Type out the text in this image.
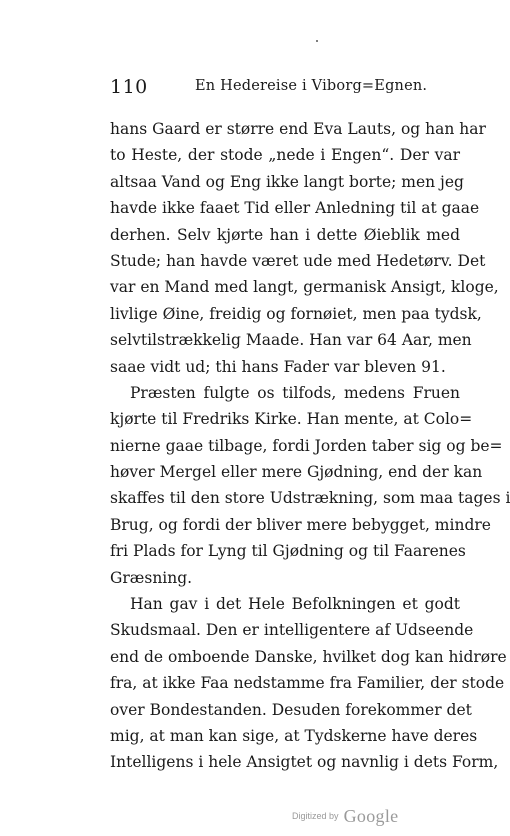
110	En Hedereise i Viborg=Egnen.
hans Gaard er større end Eva Lauts, og han har
to Heste, der stode „nede i Engen“. Der var
altsaa Vand og Eng ikke langt borte; men jeg
havde ikke faaet Tid eller Anledning til at gaae
derhen. Selv kjørte han i dette Øieblik med
Stude; han havde været ude med Hedetørv. Det
var en Mand med langt, germanisk Ansigt, kloge,
livlige Øine, freidig og fornøiet, men paa tydsk,
selvtilstrækkelig Maade. Han var 64 Aar, men
saae vidt ud; thi hans Fader var bleven 91.
Præsten fulgte os tilfods, medens Fruen
kjørte til Fredriks Kirke. Han mente, at Colo=
nierne gaae tilbage, fordi Jorden taber sig og be=
høver Mergel eller mere Gjødning, end der kan
skaffes til den store Udstrækning, som maa tages i
Brug, og fordi der bliver mere bebygget, mindre
fri Plads for Lyng til Gjødning og til Faarenes
Græsning.
Han gav i det Hele Befolkningen et godt
Skudsmaal. Den er intelligentere af Udseende
end de omboende Danske, hvilket dog kan hidrøre
fra, at ikke Faa nedstamme fra Familier, der stode
over Bondestanden. Desuden forekommer det
mig, at man kan sige, at Tydskerne have deres
Intelligens i hele Ansigtet og navnlig i dets Form,
Digitized by Google
